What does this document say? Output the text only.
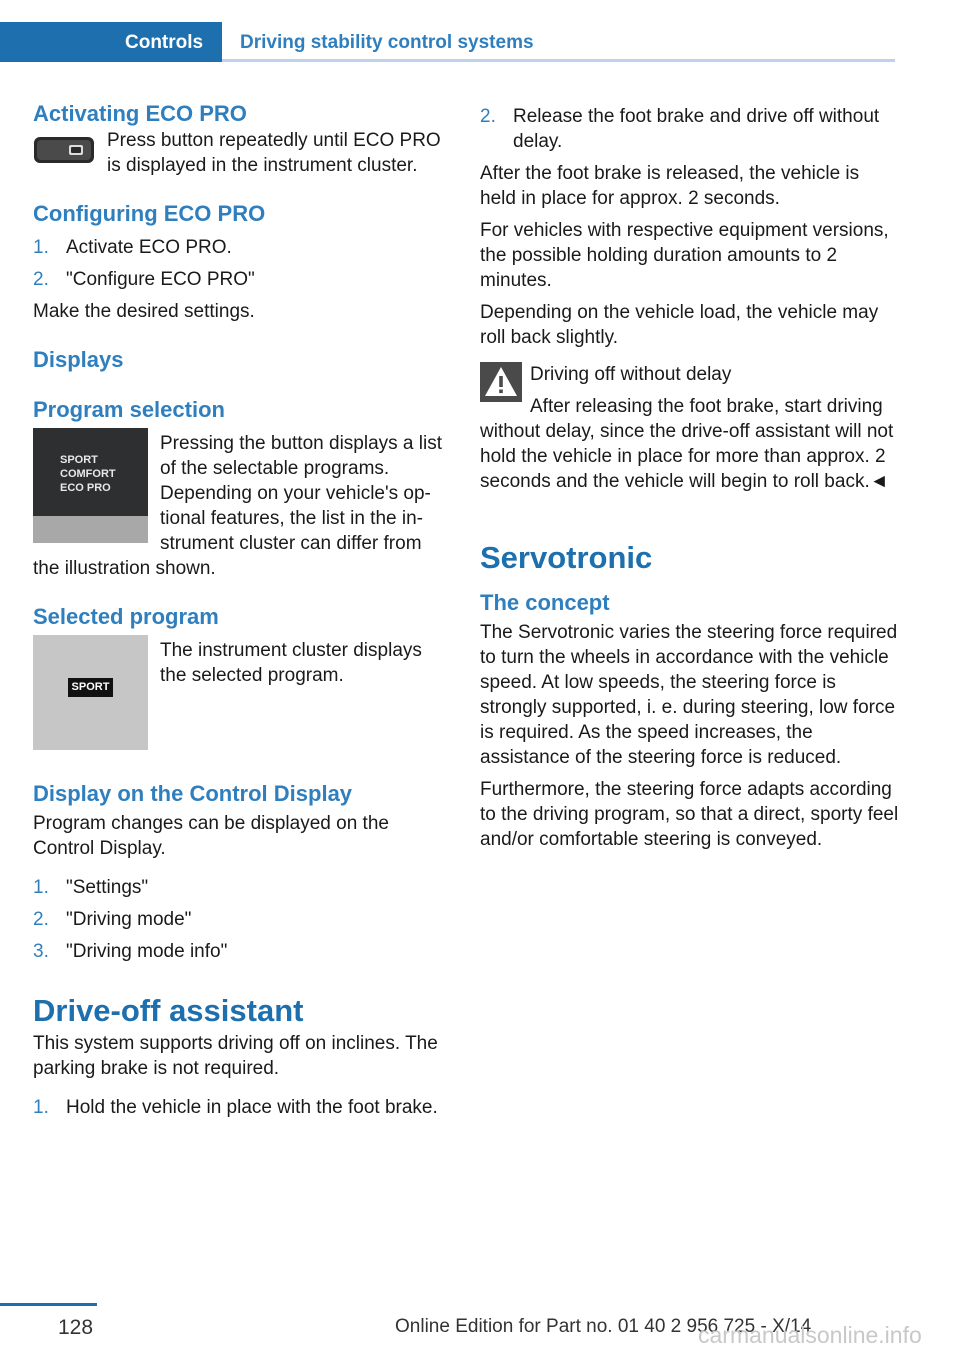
Controls	Driving stability control systems
Activating ECO PRO

Press button repeatedly until ECO PRO is displayed in the instrument cluster.

Configuring ECO PRO
1. Activate ECO PRO.
2. "Configure ECO PRO"

Make the desired settings.

Displays
Program selection
SPORT
COMFORT
ECO PRO

Pressing the button displays a list of the selectable programs. Depending on your vehicle's optional features, the list in the instrument cluster can differ from the illustration shown.

Selected program
SPORT

The instrument cluster displays the selected program.

Display on the Control Display

Program changes can be displayed on the Control Display.

1. "Settings"
2. "Driving mode"
3. "Driving mode info"
Drive-off assistant

This system supports driving off on inclines. The parking brake is not required.

1. Hold the vehicle in place with the foot brake.
2. Release the foot brake and drive off without delay.

After the foot brake is released, the vehicle is held in place for approx. 2 seconds.

For vehicles with respective equipment versions, the possible holding duration amounts to 2 minutes.

Depending on the vehicle load, the vehicle may roll back slightly.

Driving off without delay

After releasing the foot brake, start driving without delay, since the drive-off assistant will not hold the vehicle in place for more than approx. 2 seconds and the vehicle will begin to roll back.◄

Servotronic
The concept

The Servotronic varies the steering force required to turn the wheels in accordance with the vehicle speed. At low speeds, the steering force is strongly supported, i. e. during steering, low force is required. As the speed increases, the assistance of the steering force is reduced.

Furthermore, the steering force adapts according to the driving program, so that a direct, sporty feel and/or comfortable steering is conveyed.

128	Online Edition for Part no. 01 40 2 956 725 - X/14
carmanualsonline.info
